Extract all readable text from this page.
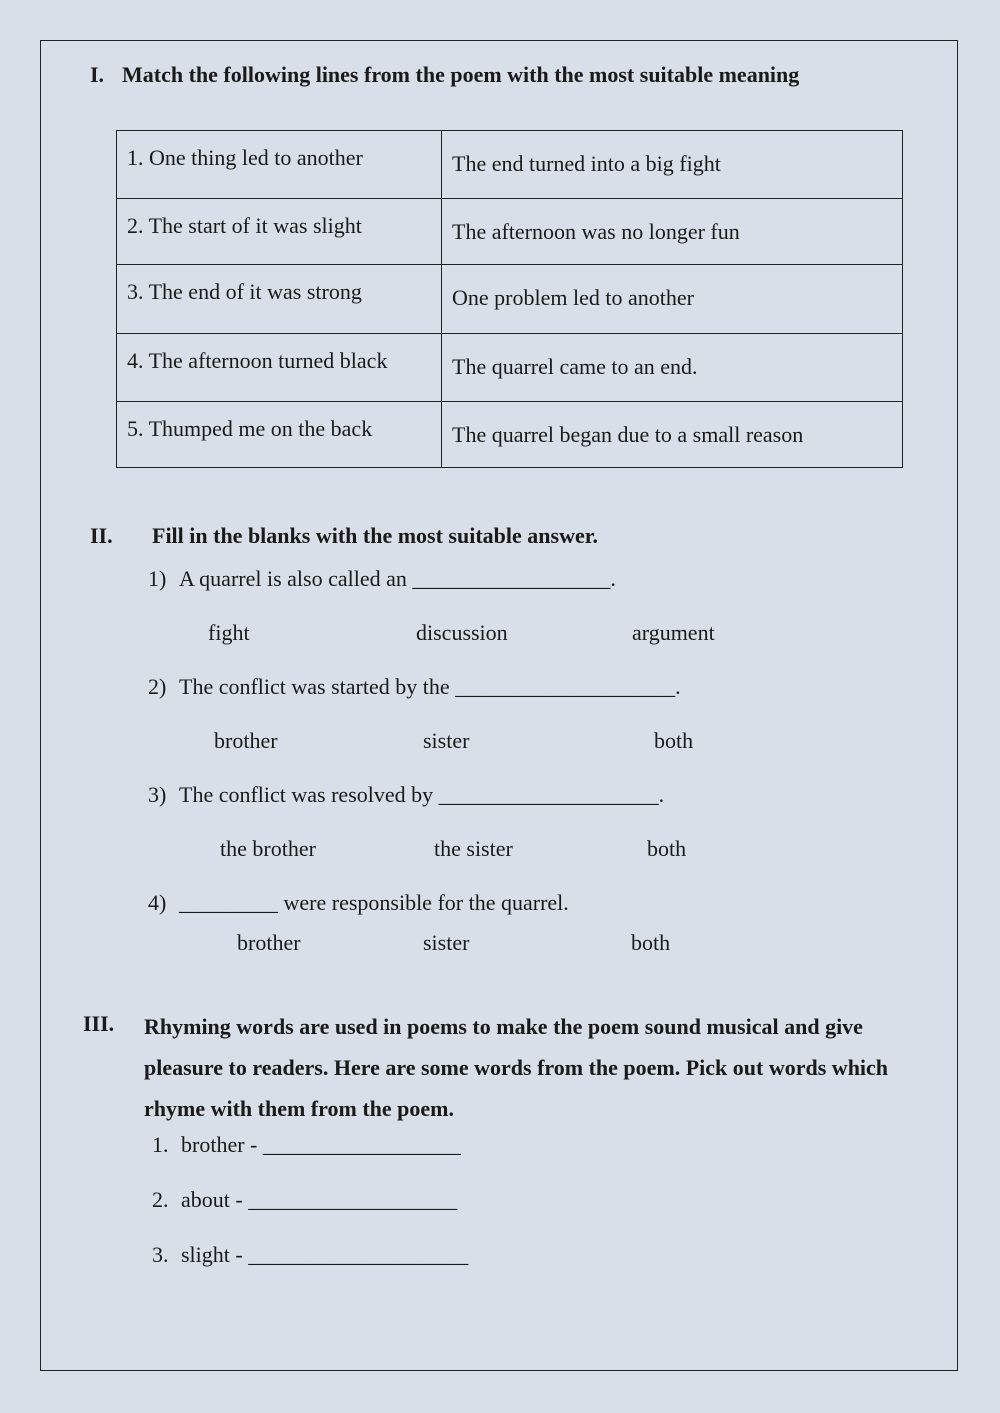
I. Match the following lines from the poem with the most suitable meaning
1. One thing led to another	The end turned into a big fight
2. The start of it was slight	The afternoon was no longer fun
3. The end of it was strong	One problem led to another
4. The afternoon turned black	The quarrel came to an end.
5. Thumped me on the back	The quarrel began due to a small reason
II. Fill in the blanks with the most suitable answer.
1) A quarrel is also called an __________________.
fight	discussion	argument
2) The conflict was started by the ____________________.
brother	sister	both
3) The conflict was resolved by ____________________.
the brother	the sister	both
4) _________ were responsible for the quarrel.
brother	sister	both
III. Rhyming words are used in poems to make the poem sound musical and give pleasure to readers. Here are some words from the poem. Pick out words which rhyme with them from the poem.
1. brother - __________________
2. about - ___________________
3. slight - ____________________
